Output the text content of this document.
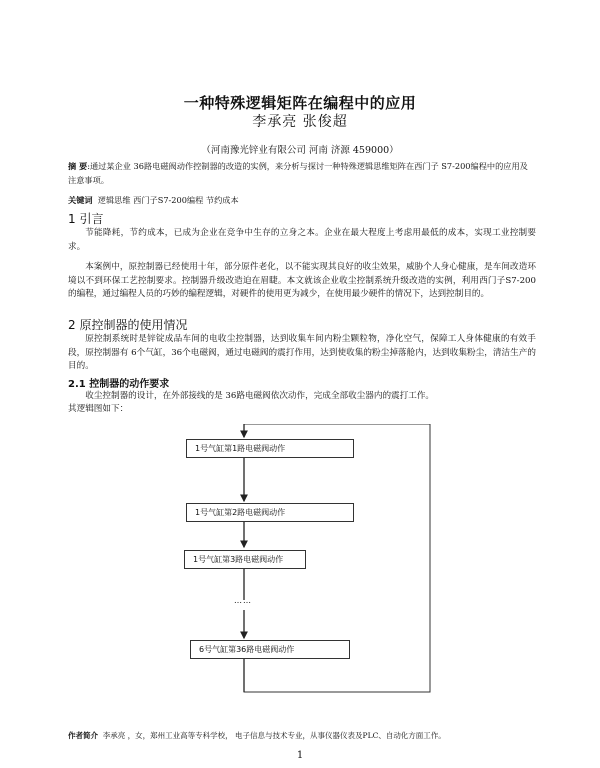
一种特殊逻辑矩阵在编程中的应用
李承亮 张俊超
（河南豫光锌业有限公司 河南 济源 459000）
摘 要:通过某企业 36路电磁阀动作控制器的改造的实例，来分析与探讨一种特殊逻辑思维矩阵在西门子 S7-200编程中的应用及注意事项。
关键词 逻辑思维 西门子S7-200编程 节约成本
1 引言
节能降耗，节约成本，已成为企业在竞争中生存的立身之本。企业在最大程度上考虑用最低的成本，实现工业控制要求。
本案例中，原控制器已经使用十年，部分原件老化，以不能实现其良好的收尘效果，威胁个人身心健康，是车间改造环境以不到环保工艺控制要求。控制器升级改造迫在眉睫。本文就该企业收尘控制系统升级改造的实例，利用西门子S7-200的编程，通过编程人员的巧妙的编程逻辑，对硬件的使用更为减少，在使用最少硬件的情况下，达到控制目的。
2 原控制器的使用情况
原控制系统时是锌锭成品车间的电收尘控制器，达到收集车间内粉尘颗粒物，净化空气，保障工人身体健康的有效手段，原控制器有 6个气缸，36个电磁阀，通过电磁阀的震打作用，达到使收集的粉尘掉落舱内，达到收集粉尘，清洁生产的目的。
2.1 控制器的动作要求
收尘控制器的设计，在外部接线的是 36路电磁阀依次动作，完成全部收尘器内的震打工作。
其逻辑图如下：
1号气缸第1路电磁阀动作
1号气缸第2路电磁阀动作
1号气缸第3路电磁阀动作
……
6号气缸第36路电磁阀动作
作者简介 李承亮 ，女，郑州工业高等专科学校， 电子信息与技术专业，从事仪器仪表及PLC、自动化方面工作。
1
